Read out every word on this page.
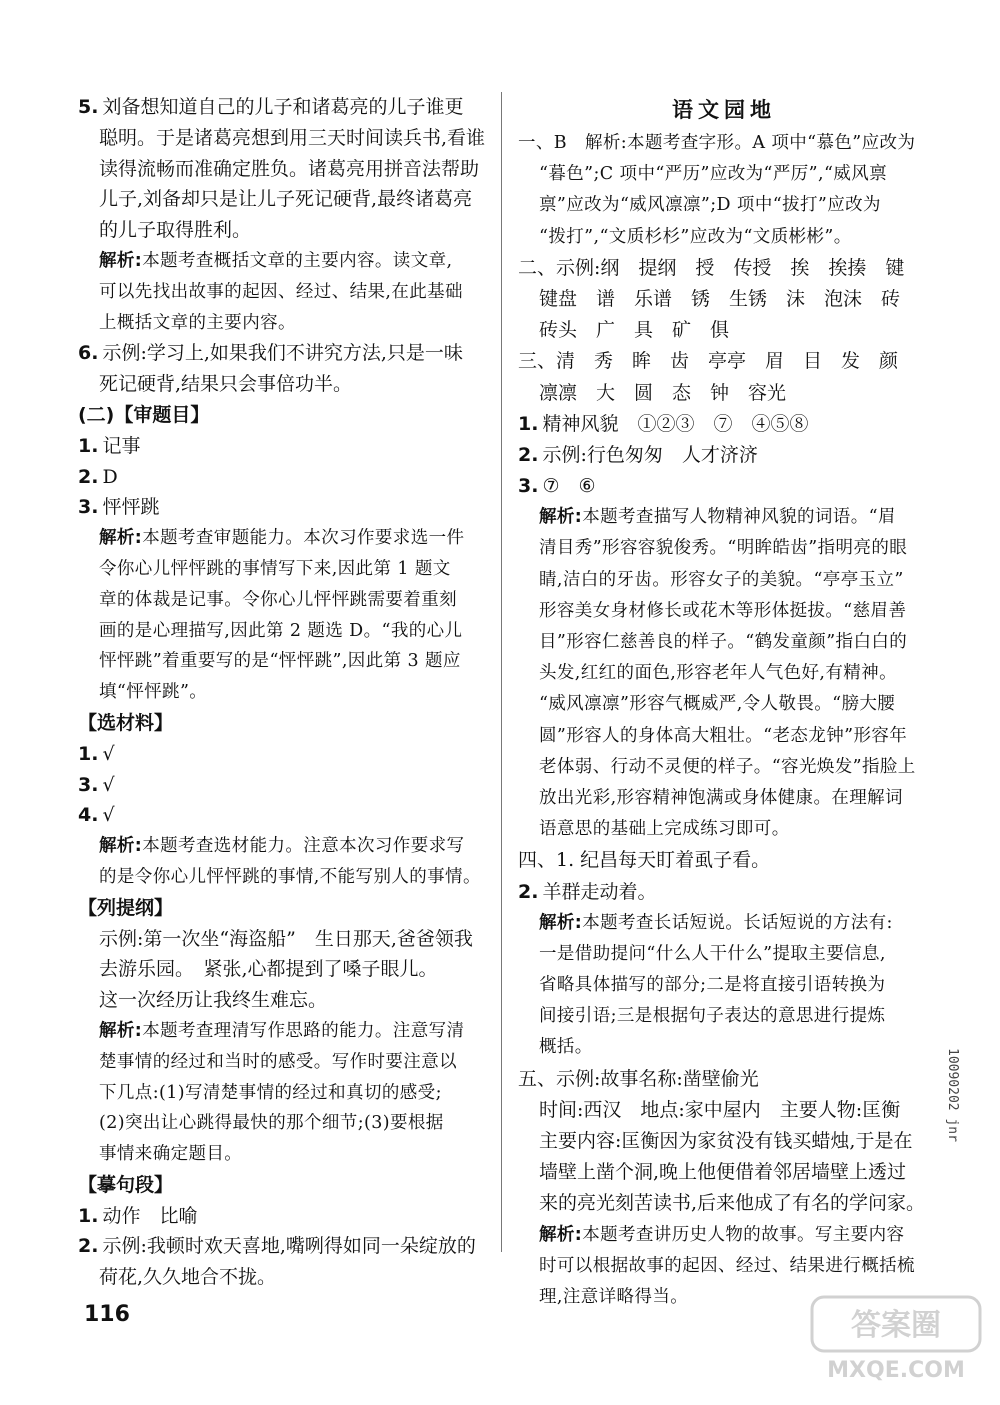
5. 刘备想知道自己的儿子和诸葛亮的儿子谁更
聪明。于是诸葛亮想到用三天时间读兵书,看谁
读得流畅而准确定胜负。诸葛亮用拼音法帮助
儿子,刘备却只是让儿子死记硬背,最终诸葛亮
的儿子取得胜利。
解析:本题考查概括文章的主要内容。读文章,
可以先找出故事的起因、经过、结果,在此基础
上概括文章的主要内容。
6. 示例:学习上,如果我们不讲究方法,只是一味
死记硬背,结果只会事倍功半。
(二)【审题目】
1. 记事
2. D
3. 怦怦跳
解析:本题考查审题能力。本次习作要求选一件
令你心儿怦怦跳的事情写下来,因此第 1 题文
章的体裁是记事。令你心儿怦怦跳需要着重刻
画的是心理描写,因此第 2 题选 D。“我的心儿
怦怦跳”着重要写的是“怦怦跳”,因此第 3 题应
填“怦怦跳”。
【选材料】
1. √
3. √
4. √
解析:本题考查选材能力。注意本次习作要求写
的是令你心儿怦怦跳的事情,不能写别人的事情。
【列提纲】
示例:第一次坐“海盗船”　生日那天,爸爸领我
去游乐园。　紧张,心都提到了嗓子眼儿。
这一次经历让我终生难忘。
解析:本题考查理清写作思路的能力。注意写清
楚事情的经过和当时的感受。写作时要注意以
下几点:(1)写清楚事情的经过和真切的感受;
(2)突出让心跳得最快的那个细节;(3)要根据
事情来确定题目。
【摹句段】
1. 动作　比喻
2. 示例:我顿时欢天喜地,嘴咧得如同一朵绽放的
荷花,久久地合不拢。
语文园地
一、B　解析:本题考查字形。A 项中“慕色”应改为
“暮色”;C 项中“严历”应改为“严厉”,“威风禀
禀”应改为“威风凛凛”;D 项中“拔打”应改为
“拨打”,“文质杉杉”应改为“文质彬彬”。
二、示例:纲　提纲　授　传授　挨　挨揍　键
键盘　谱　乐谱　锈　生锈　沫　泡沫　砖
砖头　广　具　矿　俱
三、清　秀　眸　齿　亭亭　眉　目　发　颜
凛凛　大　圆　态　钟　容光
1. 精神风貌　①②③　⑦　④⑤⑧
2. 示例:行色匆匆　人才济济
3. ⑦　⑥
解析:本题考查描写人物精神风貌的词语。“眉
清目秀”形容容貌俊秀。“明眸皓齿”指明亮的眼
睛,洁白的牙齿。形容女子的美貌。“亭亭玉立”
形容美女身材修长或花木等形体挺拔。“慈眉善
目”形容仁慈善良的样子。“鹤发童颜”指白白的
头发,红红的面色,形容老年人气色好,有精神。
“威风凛凛”形容气概威严,令人敬畏。“膀大腰
圆”形容人的身体高大粗壮。“老态龙钟”形容年
老体弱、行动不灵便的样子。“容光焕发”指脸上
放出光彩,形容精神饱满或身体健康。在理解词
语意思的基础上完成练习即可。
四、1. 纪昌每天盯着虱子看。
2. 羊群走动着。
解析:本题考查长话短说。长话短说的方法有:
一是借助提问“什么人干什么”提取主要信息,
省略具体描写的部分;二是将直接引语转换为
间接引语;三是根据句子表达的意思进行提炼
概括。
五、示例:故事名称:凿壁偷光
时间:西汉　地点:家中屋内　主要人物:匡衡
主要内容:匡衡因为家贫没有钱买蜡烛,于是在
墙壁上凿个洞,晚上他便借着邻居墙壁上透过
来的亮光刻苦读书,后来他成了有名的学问家。
解析:本题考查讲历史人物的故事。写主要内容
时可以根据故事的起因、经过、结果进行概括梳
理,注意详略得当。
116
10090202 jnr
答案圈
MXQE.COM
